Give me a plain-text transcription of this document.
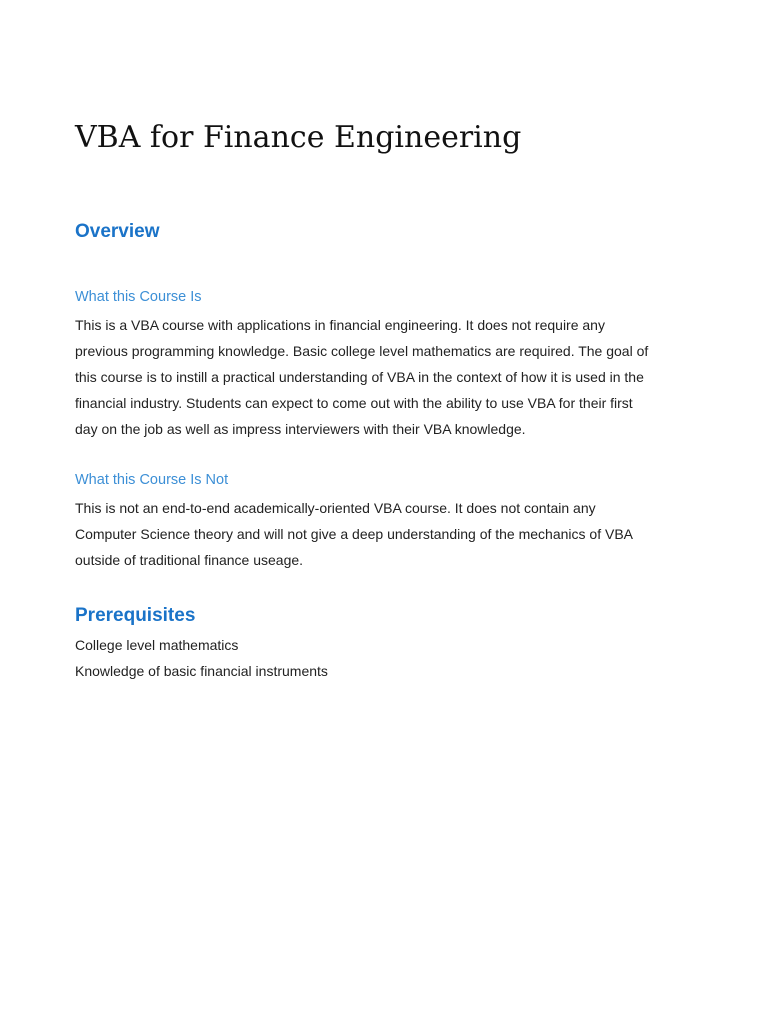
VBA for Finance Engineering
Overview
What this Course Is
This is a VBA course with applications in financial engineering. It does not require any
previous programming knowledge. Basic college level mathematics are required. The goal of
this course is to instill a practical understanding of VBA in the context of how it is used in the
financial industry. Students can expect to come out with the ability to use VBA for their first
day on the job as well as impress interviewers with their VBA knowledge.
What this Course Is Not
This is not an end-to-end academically-oriented VBA course. It does not contain any
Computer Science theory and will not give a deep understanding of the mechanics of VBA
outside of traditional finance useage.
Prerequisites
College level mathematics
Knowledge of basic financial instruments
